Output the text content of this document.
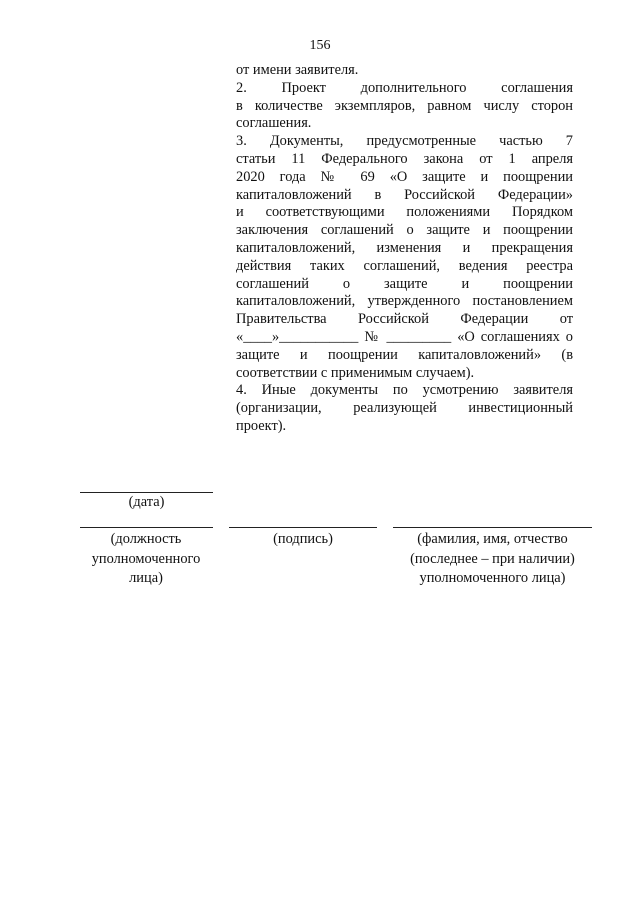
156
от имени заявителя.
2. Проект дополнительного соглашения
в количестве экземпляров, равном числу сторон
соглашения.
3. Документы, предусмотренные частью 7
статьи 11 Федерального закона от 1 апреля
2020 года № 69 «О защите и поощрении
капиталовложений в Российской Федерации»
и соответствующими положениями Порядком
заключения соглашений о защите и поощрении
капиталовложений, изменения и прекращения
действия таких соглашений, ведения реестра
соглашений о защите и поощрении
капиталовложений, утвержденного постановлением
Правительства Российской Федерации от
«____»___________ № _________ «О соглашениях о
защите и поощрении капиталовложений» (в
соответствии с применимым случаем).
4. Иные документы по усмотрению заявителя
(организации, реализующей инвестиционный
проект).
(дата)
(должность
уполномоченного
лица)
(подпись)	(фамилия, имя, отчество
(последнее – при наличии)
уполномоченного лица)
